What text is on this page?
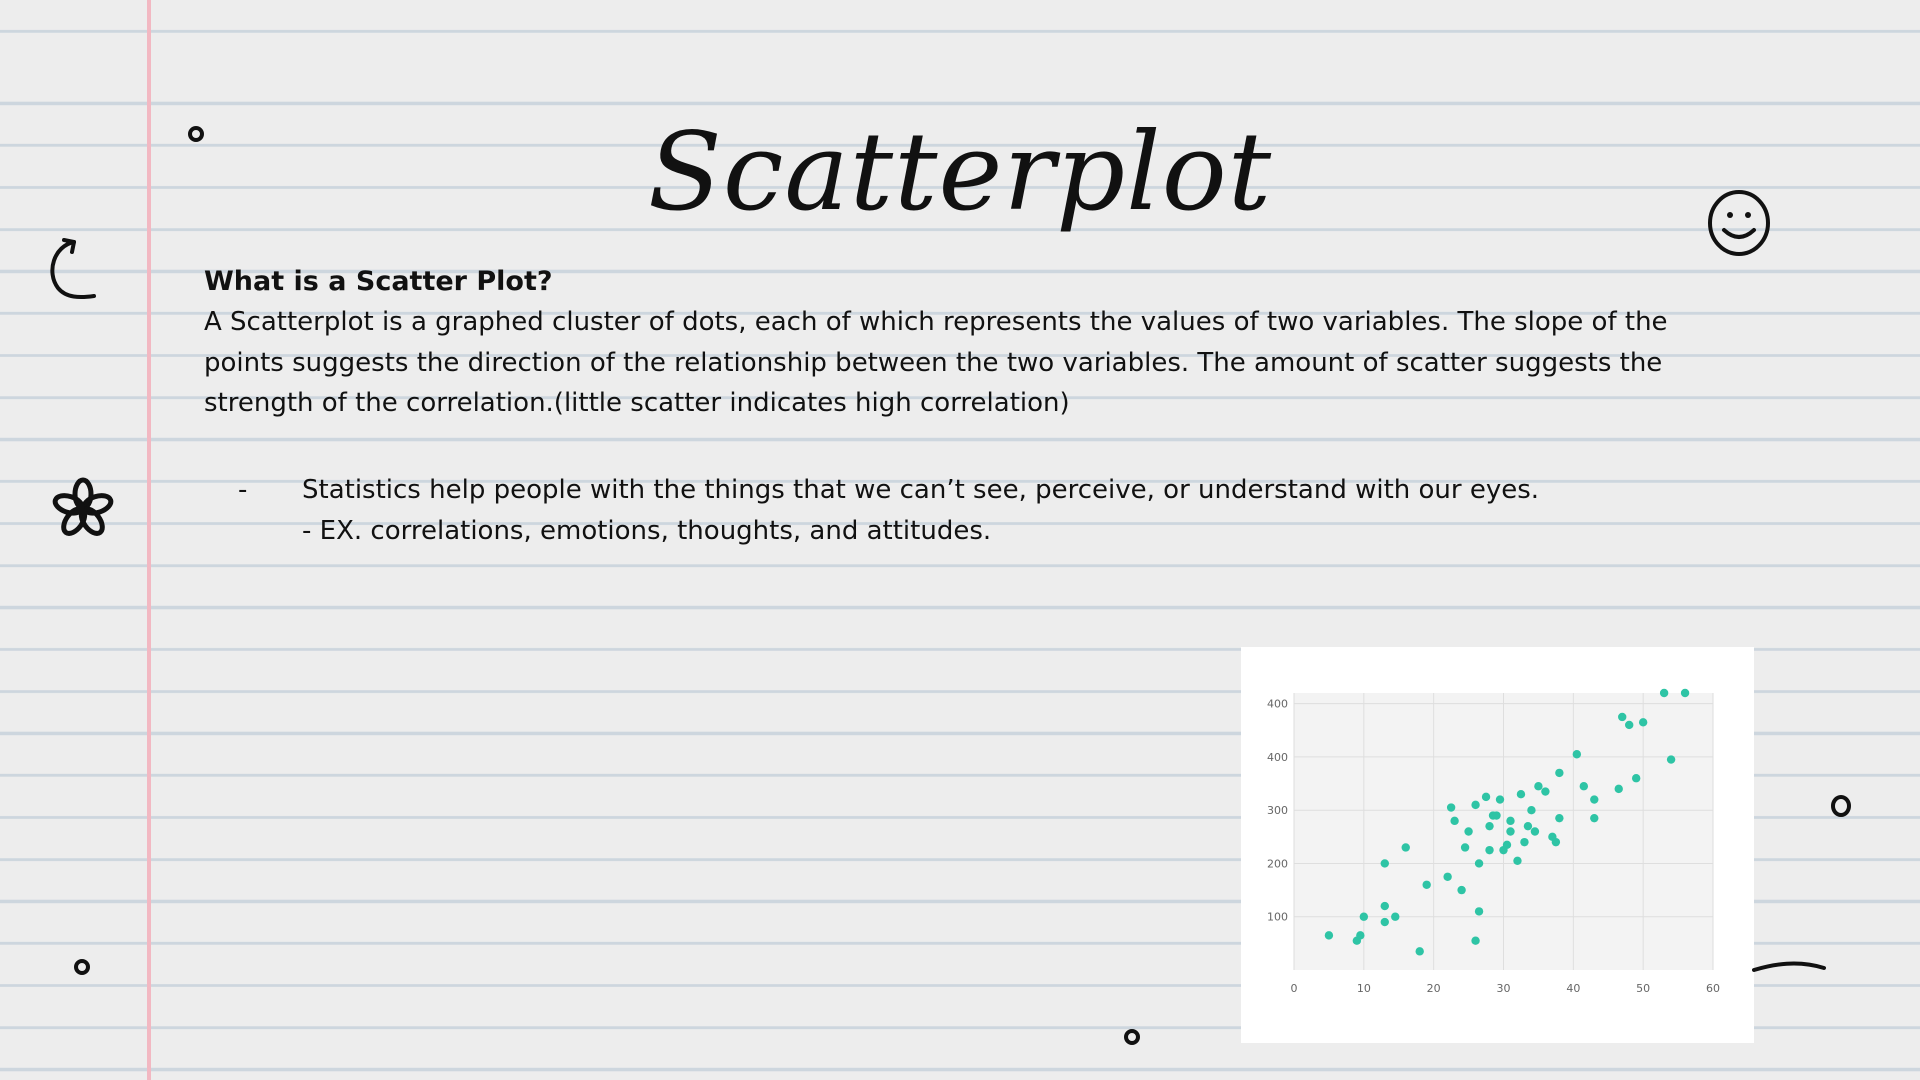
Scatterplot

What is a Scatter Plot?

A Scatterplot is a graphed cluster of dots, each of which represents the values of two variables. The slope of the

points suggests the direction of the relationship between the two variables. The amount of scatter suggests the

strength of the correlation.(little scatter indicates high correlation)

- Statistics help people with the things that we can’t see, perceive, or understand with our eyes.
- EX. correlations, emotions, thoughts, and attitudes.
0	10	20	30	40	50	60
100
200
300
400
400
